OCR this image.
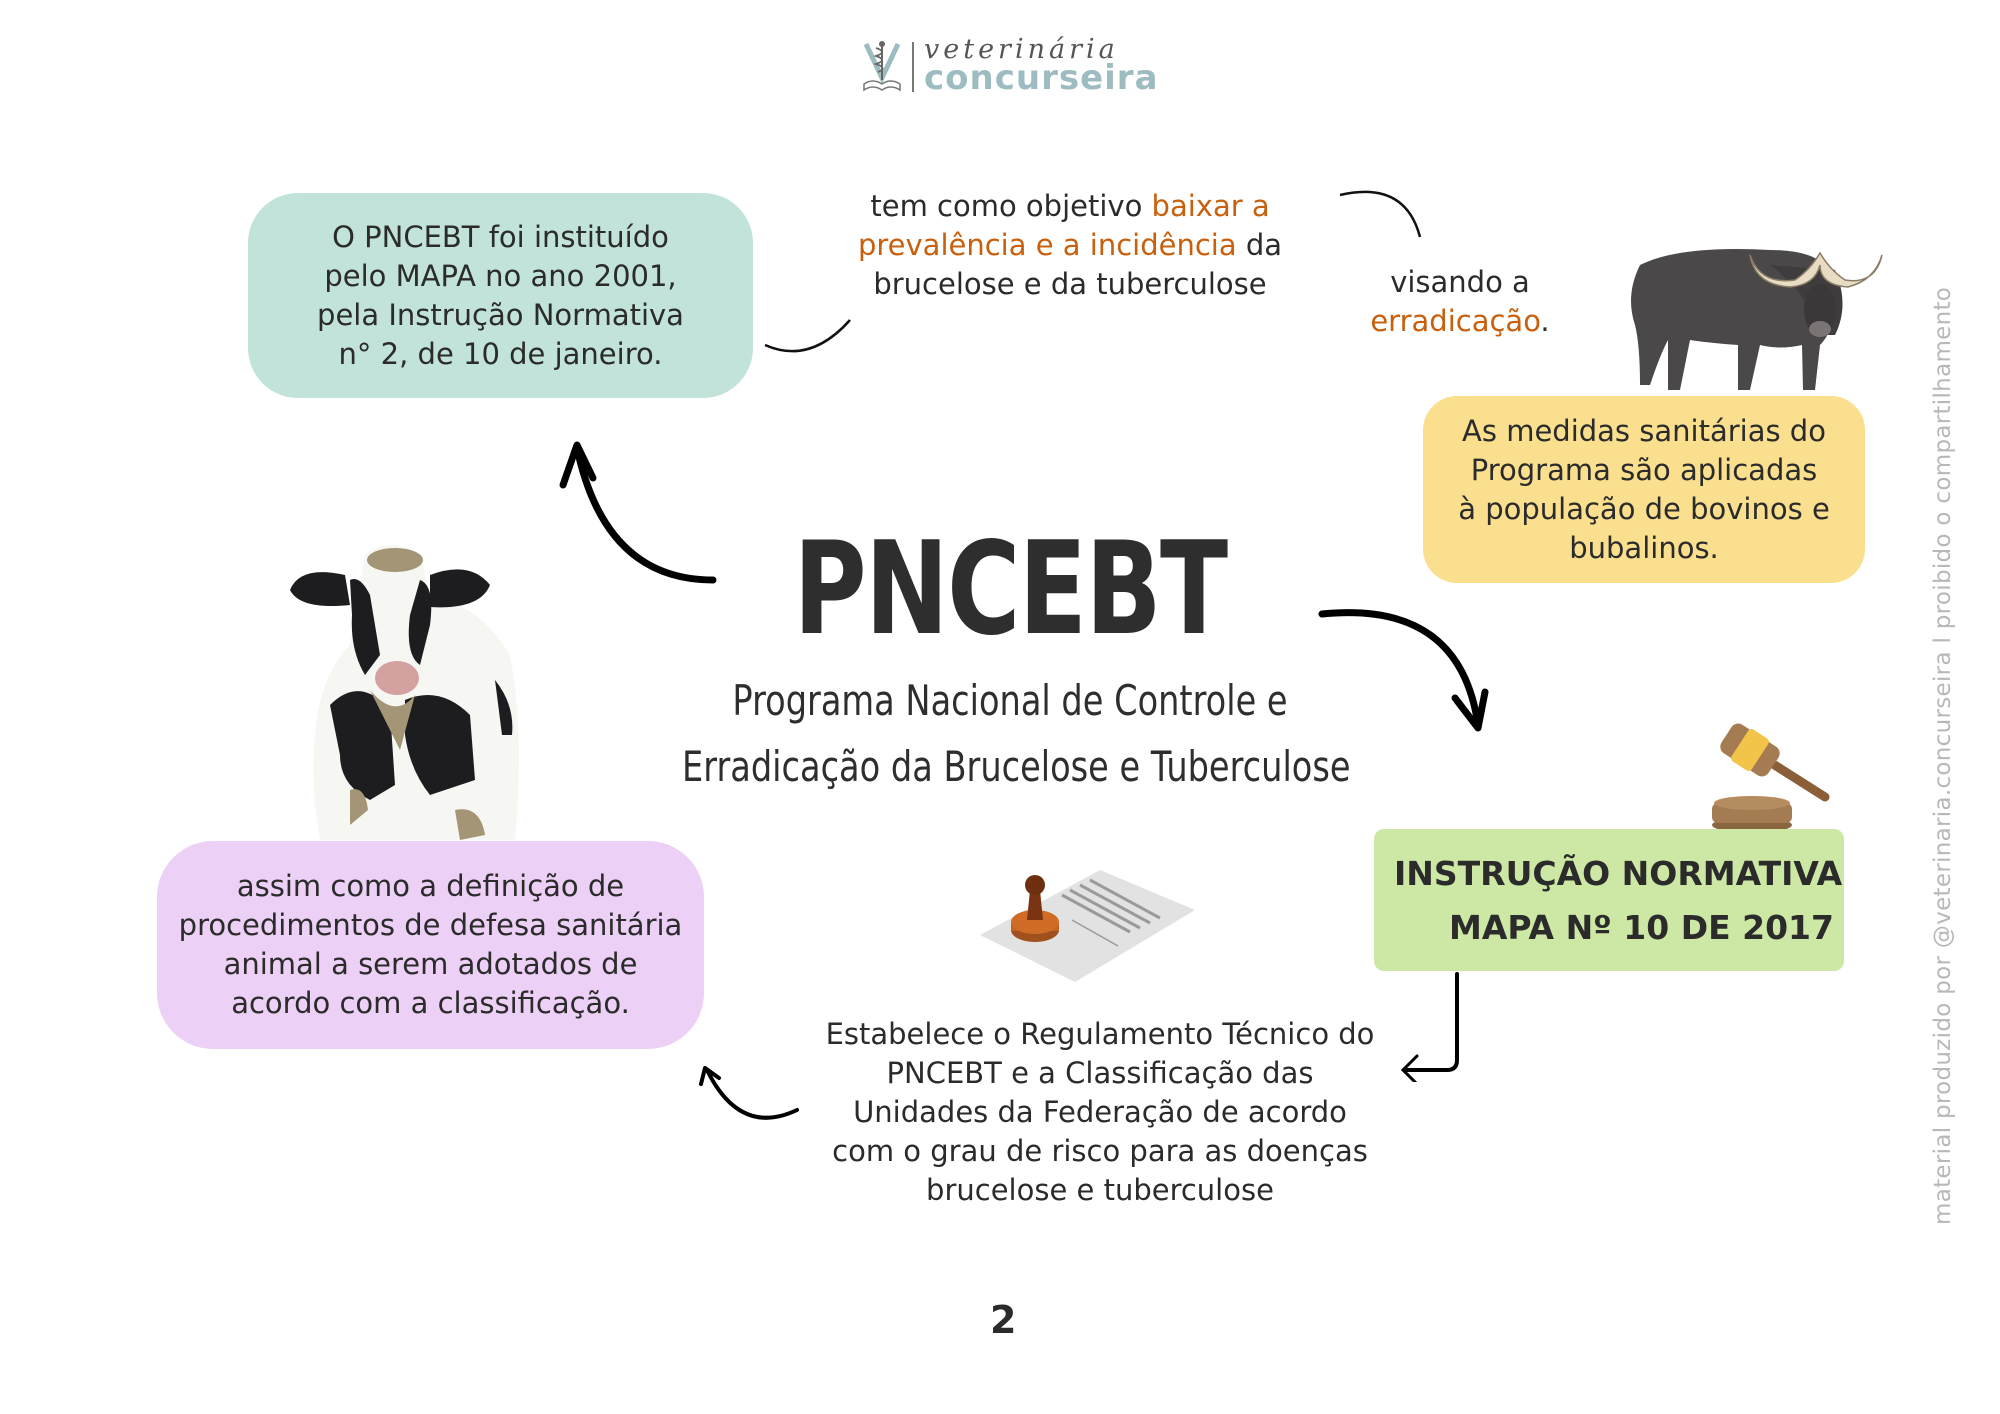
veterinária
concurseira
O PNCEBT foi instituído
pelo MAPA no ano 2001,
pela Instrução Normativa
n° 2, de 10 de janeiro.
tem como objetivo baixar a
prevalência e a incidência da
brucelose e da tuberculose	visando a
erradicação.
As medidas sanitárias do
Programa são aplicadas
à população de bovinos e
bubalinos.
PNCEBT
Programa Nacional de Controle e
Erradicação da Brucelose e Tuberculose
INSTRUÇÃO NORMATIVA
MAPA Nº 10 DE 2017
Estabelece o Regulamento Técnico do
PNCEBT e a Classificação das
Unidades da Federação de acordo
com o grau de risco para as doenças
brucelose e tuberculose
assim como a definição de
procedimentos de defesa sanitária
animal a serem adotados de
acordo com a classificação.	material produzido por @veterinaria.concurseira l proibido o compartilhamento
2
